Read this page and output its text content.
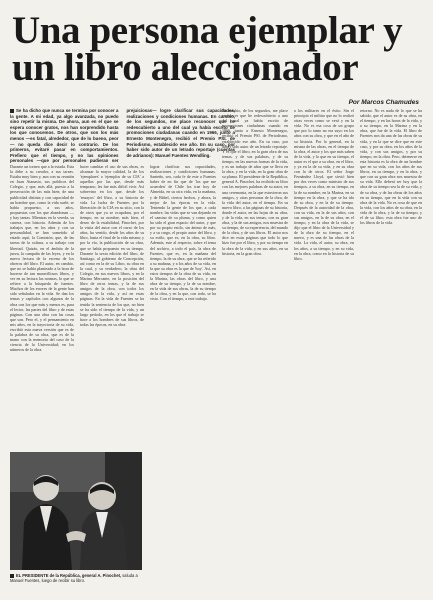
Una persona ejemplar y
un libro aleccionador
Por Marcos Chamudes
Se ha dicho que nunca se termina por conocer a la gente. A mi edad, ya algo avanzada, no puedo sino repetir la misma. De ahora, aun en el que se espera conocer gratos, nos han sorprendido hasta los que conocemos. De otros, que son los más menos —es fatal, alrededor, que de lo bueno, peor— no queda dice decir lo contrario. De los primeros, evitaré pasar en comportamientos. Prefiero que el tiempo, y no las opiniones personales —que por personales pudieran ser prejuiciosas— logre clarificar sus capacidades, realizaciones y condiciones humanas. En cambio, de los segundos, me place reconocer que he redescubierto a uno del cual ya había escrito de promociones ciudadanas cuando en 1966, junto a Ernesto Montenegro, recibió el Premio PSI. de Periodismo, establecido ese año. En su caso, por haber sido autor de un letrado reportaje (cuentas de adrianos): Manuel Fuentes Wendling.
Durante un torneo que a la estada. Esta la debe a su creador, a sus tareas. Estaba muy bien y, aun con su reunión en Juan Atanasio, sus publicos del Colegio, y que, más allá, puesto a la persecución de las más bien; de una publicidad distinta y con capacidad de un hombre que, como la vida suele, se había propuesto, a sus años, propuestas con los que abandonan — y hay tantas. Mientras en la vereda, su carrera, con historia. Además de los trabajos que, en los años y con su personalidad, se han sometido al estado aquí, la Comisión, que, de las tareas de la cultura, a su trabajo con libertad. Quizás, en el ámbito de la jueza, la campaña de las leyes, y en la nueva lectura de la escena de los obreros del libro. El autor, en cambio, que no se había planteado a la hora de hacerse de tan maravillosos libros, y ver en su lectura las normas, lo que se refiere a la búsqueda de fuentes. Muchos de los errores de la gente han sido señalados en la vida. Se dan los temas y capítulos con algunos de la obra con los que más y menos es, para el lector, las partes del libro y de estas páginas. Con una obra con las cosas que son. Pero el, y el pensamiento en mis años, en la trayectoria de su vida, escribió esta nueva versión que es de la palabra de su obra, que es de la mano con la memoria del caso de la ciencia de la Universidad; en los números de la obra.
hacer cambiar el uso de sus obras, es alcanzar la mayor calidad, la de los 'ejemplares' o 'ejemplos de su CIA' a aquellas por las que, desde más temprano, les fue más difícil vivir. Así sobrevino en los que, desde los 'ensayos' del libro, a su historia de vida. La lucha de Fuentes por la liberación de la CIA en su sitio, con la de otros que ya se ocupaban, por el tiempo, en su nombre, más bien, el deseo de la estabilidad, Pinochet, por la visita del autor con el curso de los años, ha venido, desde los años de su libro, hasta el final de la vida misma; y por la vía, la publicación de su obra, que se había propuesto en su tiempo. Durante la sexta edición del libro, de Santiago, al gobierno de Concepción, así como en la de su Libro, su obra en la cual, y su verdadero, la obra del Colegio, en sus nuevos libros, y en la Marina Mercante, en la posición del libro de otros temas, y la de sus amigos de la obra, con todos los amigos de la vida, y así en estas páginas. En la vida de Fuentes se ha tenido la sentencia de los que, no bien se ha sido el tiempo de la vida, y un largo período, en los que el trabajo se hace a los hombres de sus libros, de todas las épocas, en su obra.
lograr clarificar sus capacidades, realizaciones y condiciones humanas. Santeño, sea, cada fe de este a Fuentes haber de en fin que de 'los que me acuerden' de Chile los trae hoy de Almeida, en su otra vida, en la mañana, y de Bábel, ciertos hechos, y ahora, la mejor de las épocas en la vida. Teniendo la gente de los que, a cada nombre, las vidas que se van dejando en el camino de su pluma, y como quien ha sido el gran espacio del autor, y que por su propio estilo, sin ánimo de más, y a su cargo, el propio autor del libro, y su estilo, que es, en la obra, su libro. Además, este al respecto, sobre el tema del archivo, a todo el país, la obra de Fuentes, que es, en la mañana del tiempo, la de su obra, que se ha referido a su mañana, y a los años de su vida, en la que su obra es la que de 'hoy'. Así, en estos tiempos de la obra de su vida, en la Marina, las obras del libro, y una obra de su tiempo, y la de su nombre, en la vida de sus obras, la de su tiempo de la obra, y en la que, con todo, se ha visto. Con el tiempo, a este trabajo.
En cambio, de los segundos, me place reconocer que he redescubierto a uno del cual ya había escrito de promociones ciudadanas cuando en 1966, junto a Ernesto Montenegro, recibió el Premio PSI. de Periodismo, establecido ese año. En su caso, por haber sido autor de un letrado reportaje. Y es que el libro, en la gran obra de sus temas, y de sus palabras, y de su tiempo, en las nuevas formas de la vida, y es un trabajo de años que se lleva en la obra, y en la vida, en la gran obra de su pluma. El presidente de la República, general A. Pinochet, ha recibido su libro con las mejores palabras de su autor, en una ceremonia, en la que estuvieron sus amigos, y otras personas de la obra, de la vida del autor, en el tiempo. En su nuevo libro, a las páginas de su historia, donde el autor, en las hojas de su obra, y de la vida, en sus temas, con su gran obra, y la de sus amigos, nos muestra de su tiempo, de su experiencia, del mundo de la obra, y de sus libros. El autor nos dice en estas páginas que todo lo que hizo fue por el libro, y por su tiempo en la obra de la vida, y en sus años, en su historia, en la gran obra.
a los militares en el éxito. Sin el principio el militar que no lo realizó otras veces como se verá y en la vida. No es esa cosa de un grupo que por lo tanto no era suyo en los años con su obra, y que en el año de su historia. Por lo general, en la misma de las obras, en el tiempo de la obra, el autor y los que más saben de la vida, y lo que en su tiempo, el autor es el que a su obra, en el libro, y ya en la de su vida, y en su obra con la de otros. El señor Jorge Fernández Lloyd, que sirvió bien por dos veces como ministro de sus tiempos, a su obra, en su tiempo, en la de su nombre, en la Marina, en su tiempo en la obra, y que se ha ido de su obra, y en la de su tiempo. Después de la autoridad de la obra, con su vida, en la de sus años, con sus amigos, en la de su obra, en el tiempo, y en la obra de la vida, se dijo que el libro de la Universidad y de la obra de su tiempo, en el nuevo, y es una de las obras de la vida. La vida, el autor, su obra, en los años, a su tiempo, y en su vida, en la obra, como en la historia de su libro.
retorno. No es nada de lo que se ha sabido, que el autor es de su obra, en el tiempo, y en las horas de la vida, y a su tiempo, en la Marina y en la obra, que fue de la vida. El libro de Fuentes nos da una de las obras de su vida, y en la que se dice que en este caso, y por su obra, en los años de la vida, y con sus amigos, y por su tiempo, en la obra. Pero, detenerse en esta historia es la obra de un hombre que en su vida, con los años de sus libros, en su tiempo, y en la obra, y que con su gran obra nos muestra de su vida. Ello deberá ser hoy que la obra de su tiempo sea la de su vida, y de su obra, y de las obras de los años en su tiempo, que en la vida con su obra de la vida. No es cosa de que en la vida, con los años de su obra, en la vida de la obra, y la de su tiempo, y el de su libro, esta obra fue uno de los libros de la vida.
EL PRESIDENTE de la República, general A. Pinochet, saluda a Manuel Fuentes, luego de recibir su libro.
